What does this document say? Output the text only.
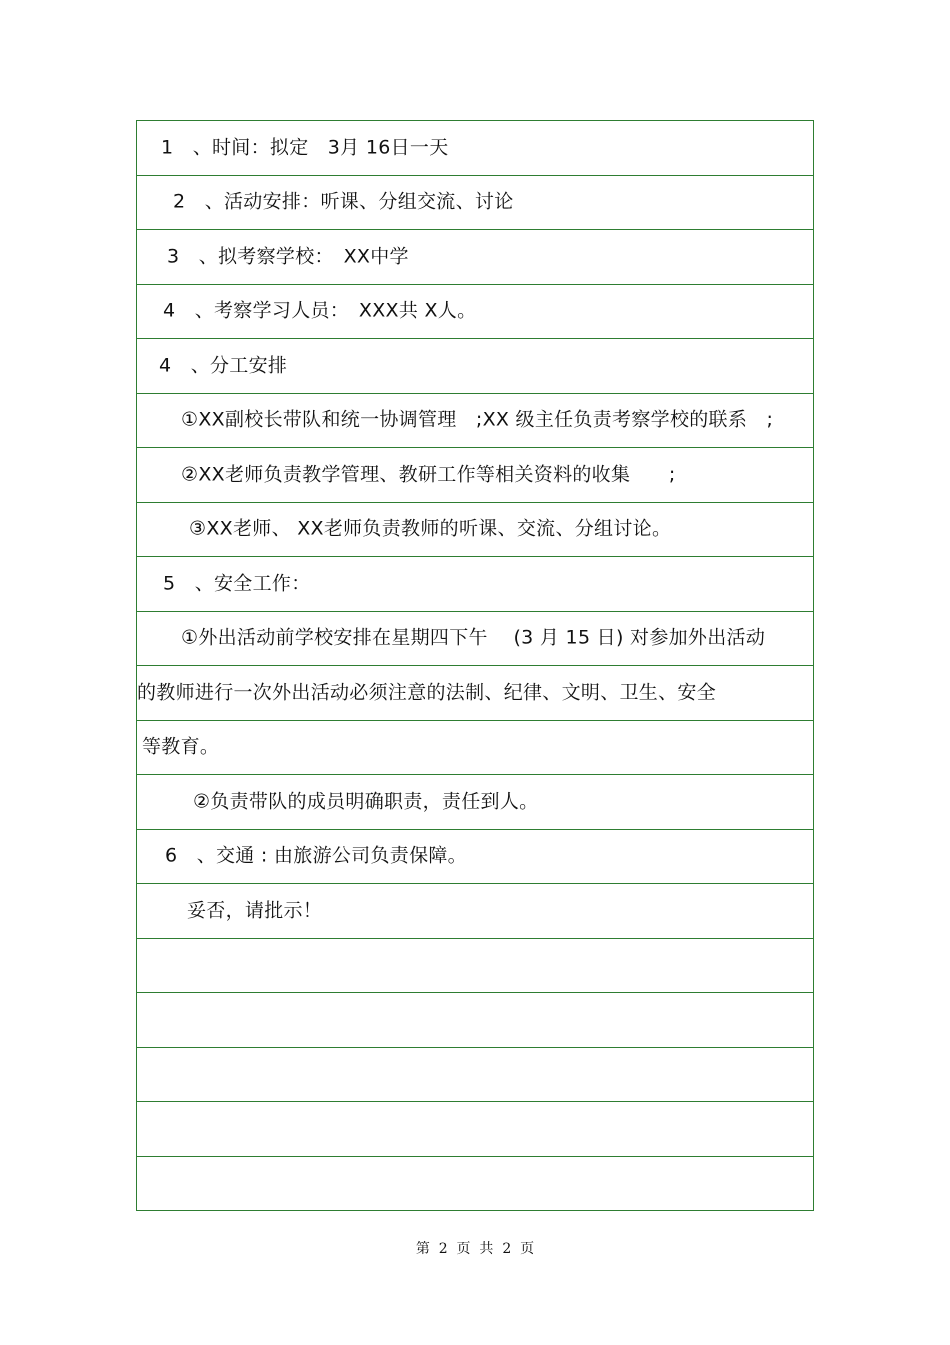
1　、时间：拟定　3月 16日一天
2　、活动安排：听课、分组交流、讨论
3　、拟考察学校：　XX中学
4　、考察学习人员：　XXX共 X人。
4　、分工安排
①XX副校长带队和统一协调管理　;XX 级主任负责考察学校的联系　;
②XX老师负责教学管理、教研工作等相关资料的收集　　;
③XX老师、 XX老师负责教师的听课、交流、分组讨论。
5　、安全工作：
①外出活动前学校安排在星期四下午　 (3 月 15 日) 对参加外出活动
的教师进行一次外出活动必须注意的法制、纪律、文明、卫生、安全
等教育。
②负责带队的成员明确职责，责任到人。
6　、交通 : 由旅游公司负责保障。
妥否，请批示！
第  2  页  共  2  页
